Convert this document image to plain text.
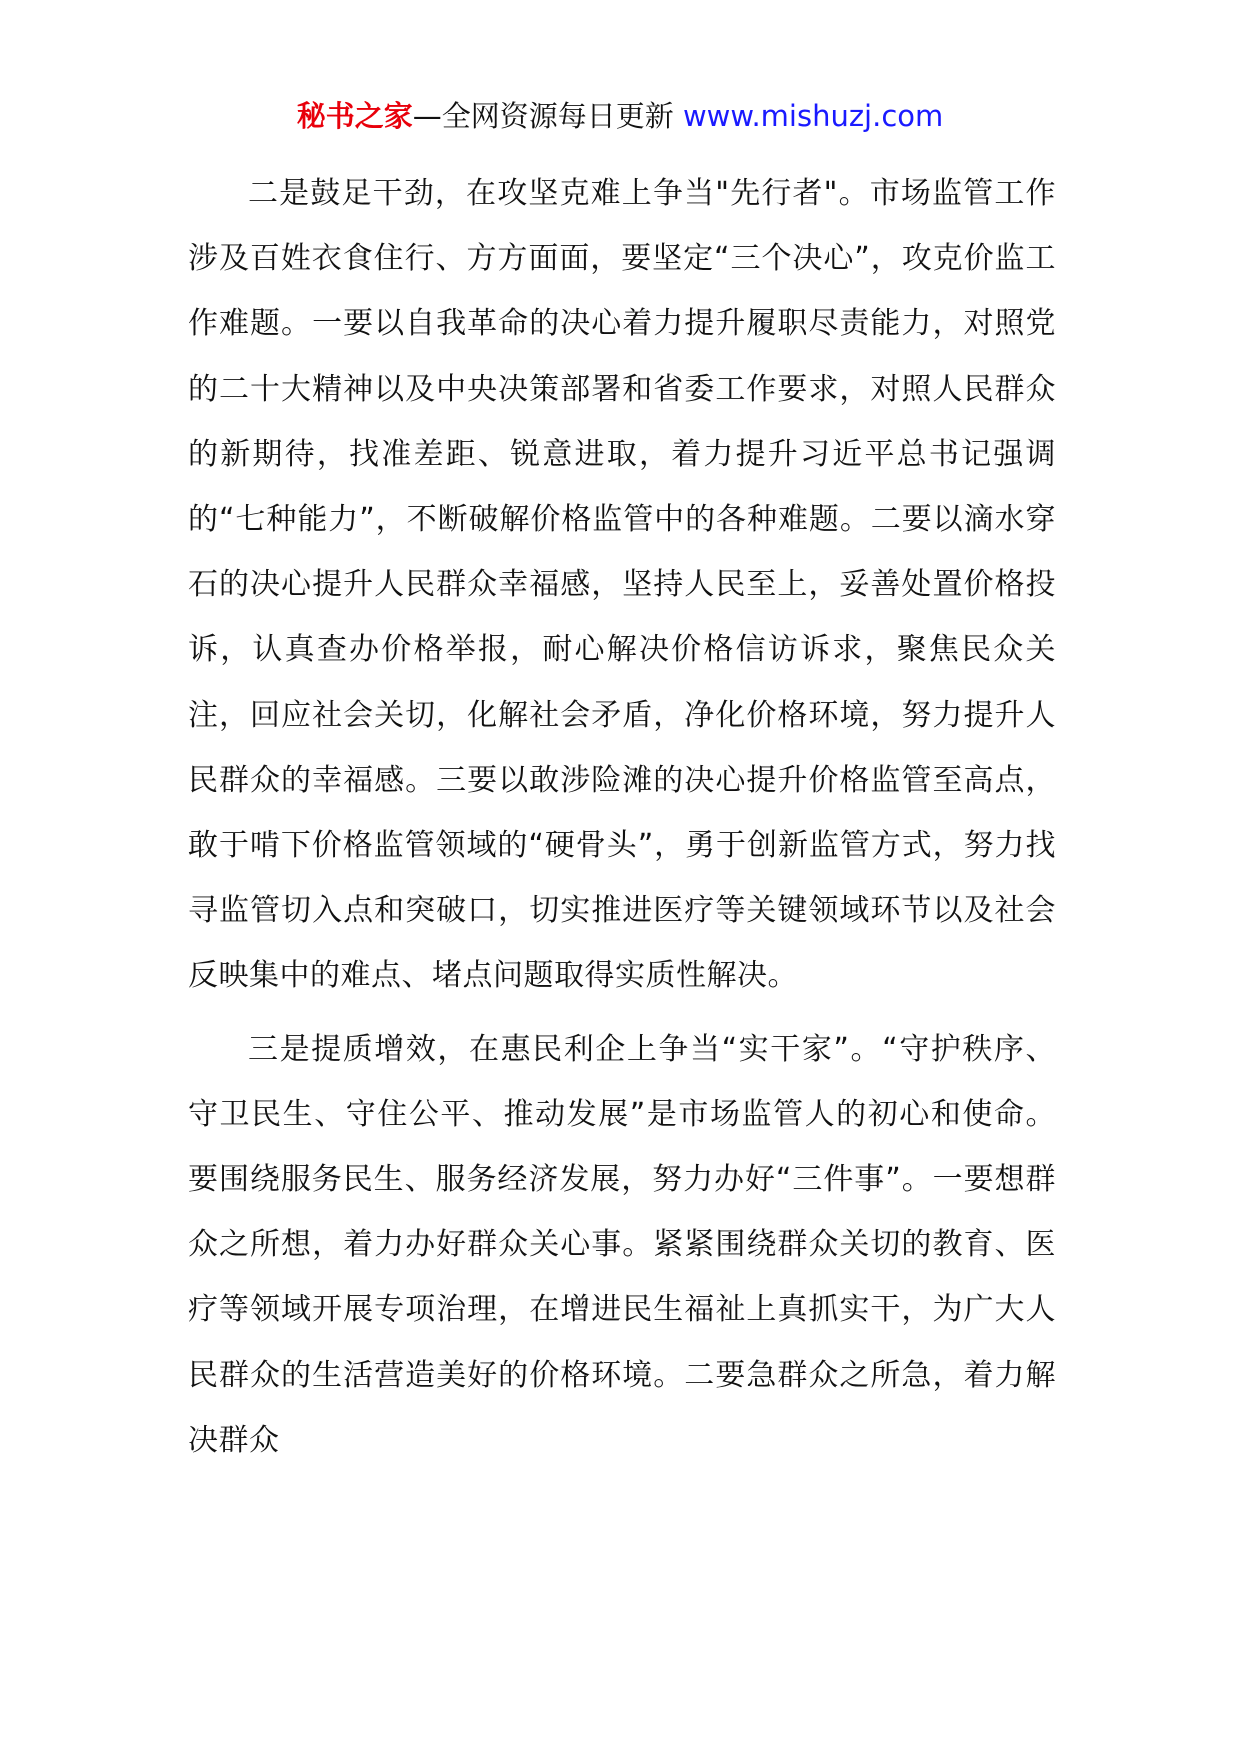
秘书之家—全网资源每日更新 www.mishuzj.com

二是鼓足干劲，在攻坚克难上争当"先行者"。市场监管工作涉及百姓衣食住行、方方面面，要坚定“三个决心”，攻克价监工作难题。一要以自我革命的决心着力提升履职尽责能力，对照党的二十大精神以及中央决策部署和省委工作要求，对照人民群众的新期待，找准差距、锐意进取，着力提升习近平总书记强调的“七种能力”，不断破解价格监管中的各种难题。二要以滴水穿石的决心提升人民群众幸福感，坚持人民至上，妥善处置价格投诉，认真查办价格举报，耐心解决价格信访诉求，聚焦民众关注，回应社会关切，化解社会矛盾，净化价格环境，努力提升人民群众的幸福感。三要以敢涉险滩的决心提升价格监管至高点，敢于啃下价格监管领域的“硬骨头”，勇于创新监管方式，努力找寻监管切入点和突破口，切实推进医疗等关键领域环节以及社会反映集中的难点、堵点问题取得实质性解决。

三是提质增效，在惠民利企上争当“实干家”。“守护秩序、守卫民生、守住公平、推动发展”是市场监管人的初心和使命。要围绕服务民生、服务经济发展，努力办好“三件事”。一要想群众之所想，着力办好群众关心事。紧紧围绕群众关切的教育、医疗等领域开展专项治理，在增进民生福祉上真抓实干，为广大人民群众的生活营造美好的价格环境。二要急群众之所急，着力解决群众
